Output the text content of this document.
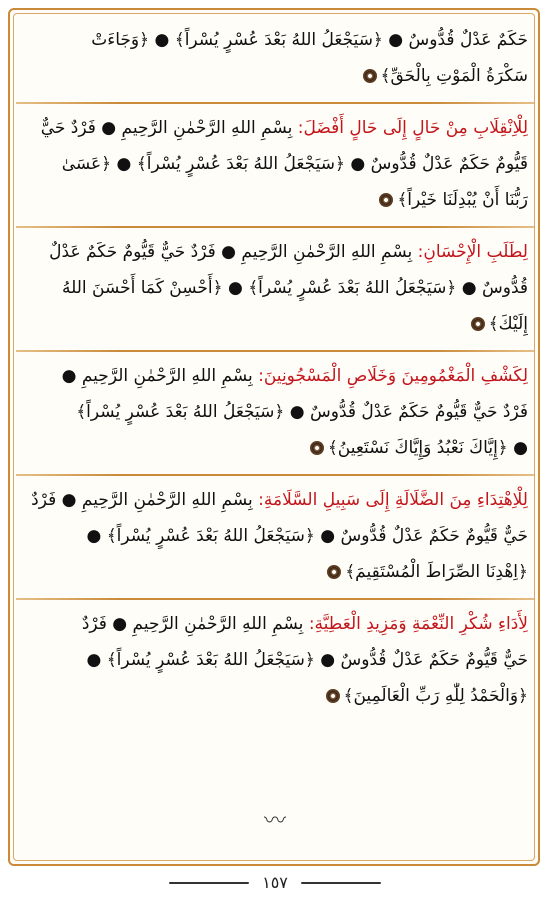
حَكَمٌ عَدْلٌ قُدُّوسٌ ● ﴿سَيَجْعَلُ اللهُ بَعْدَ عُسْرٍ يُسْراً﴾ ● ﴿وَجَاءَتْ
سَكْرَةُ الْمَوْتِ بِالْحَقِّ﴾
لِلْاِنْقِلَابِ مِنْ حَالٍ إِلَى حَالٍ أَفْضَلَ: بِسْمِ اللهِ الرَّحْمٰنِ الرَّحِيمِ ● فَرْدٌ حَيٌّ
قَيُّومٌ حَكَمٌ عَدْلٌ قُدُّوسٌ ● ﴿سَيَجْعَلُ اللهُ بَعْدَ عُسْرٍ يُسْراً﴾ ● ﴿عَسَىٰ
رَبُّنَا أَنْ يُبْدِلَنَا خَيْراً﴾
لِطَلَبِ الْإِحْسَانِ: بِسْمِ اللهِ الرَّحْمٰنِ الرَّحِيمِ ● فَرْدٌ حَيٌّ قَيُّومٌ حَكَمٌ عَدْلٌ
قُدُّوسٌ ● ﴿سَيَجْعَلُ اللهُ بَعْدَ عُسْرٍ يُسْراً﴾ ● ﴿أَحْسِنْ كَمَا أَحْسَنَ اللهُ
إِلَيْكَ﴾
لِكَشْفِ الْمَغْمُومِينَ وَخَلَاصِ الْمَسْجُونِينَ: بِسْمِ اللهِ الرَّحْمٰنِ الرَّحِيمِ ●
فَرْدٌ حَيٌّ قَيُّومٌ حَكَمٌ عَدْلٌ قُدُّوسٌ ● ﴿سَيَجْعَلُ اللهُ بَعْدَ عُسْرٍ يُسْراً﴾
● ﴿إِيَّاكَ نَعْبُدُ وَإِيَّاكَ نَسْتَعِينُ﴾
لِلْاِهْتِدَاءِ مِنَ الضَّلَالَةِ إِلَى سَبِيلِ السَّلَامَةِ: بِسْمِ اللهِ الرَّحْمٰنِ الرَّحِيمِ ● فَرْدٌ
حَيٌّ قَيُّومٌ حَكَمٌ عَدْلٌ قُدُّوسٌ ● ﴿سَيَجْعَلُ اللهُ بَعْدَ عُسْرٍ يُسْراً﴾ ●
﴿اِهْدِنَا الصِّرَاطَ الْمُسْتَقِيمَ﴾
لِأَدَاءِ شُكْرِ النِّعْمَةِ وَمَزِيدِ الْعَطِيَّةِ: بِسْمِ اللهِ الرَّحْمٰنِ الرَّحِيمِ ● فَرْدٌ
حَيٌّ قَيُّومٌ حَكَمٌ عَدْلٌ قُدُّوسٌ ● ﴿سَيَجْعَلُ اللهُ بَعْدَ عُسْرٍ يُسْراً﴾ ●
﴿وَالْحَمْدُ لِلّٰهِ رَبِّ الْعَالَمِينَ﴾
〰
١٥٧
